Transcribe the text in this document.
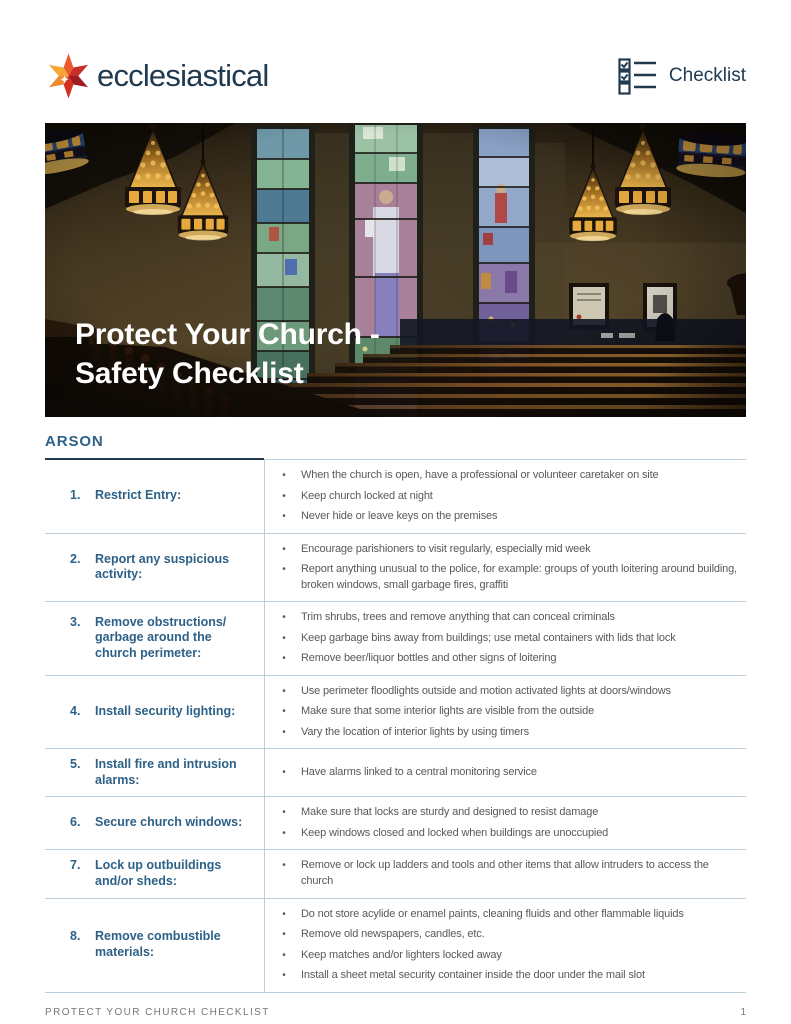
ecclesiastical	Checklist
Protect Your Church -
Safety Checklist
ARSON
1.	Restrict Entry:
• When the church is open, have a professional or volunteer caretaker on site
• Keep church locked at night
• Never hide or leave keys on the premises
2.	Report any suspicious activity:
• Encourage parishioners to visit regularly, especially mid week
• Report anything unusual to the police, for example: groups of youth loitering around building, broken windows, small garbage fires, graffiti
3.	Remove obstructions/ garbage around the church perimeter:
• Trim shrubs, trees and remove anything that can conceal criminals
• Keep garbage bins away from buildings; use metal containers with lids that lock
• Remove beer/liquor bottles and other signs of loitering
4.	Install security lighting:
• Use perimeter floodlights outside and motion activated lights at doors/windows
• Make sure that some interior lights are visible from the outside
• Vary the location of interior lights by using timers
5.	Install fire and intrusion alarms:
• Have alarms linked to a central monitoring service
6.	Secure church windows:
• Make sure that locks are sturdy and designed to resist damage
• Keep windows closed and locked when buildings are unoccupied
7.	Lock up outbuildings and/or sheds:
• Remove or lock up ladders and tools and other items that allow intruders to access the church
8.	Remove combustible materials:
• Do not store acylide or enamel paints, cleaning fluids and other flammable liquids
• Remove old newspapers, candles, etc.
• Keep matches and/or lighters locked away
• Install a sheet metal security container inside the door under the mail slot
PROTECT YOUR CHURCH CHECKLIST	1
